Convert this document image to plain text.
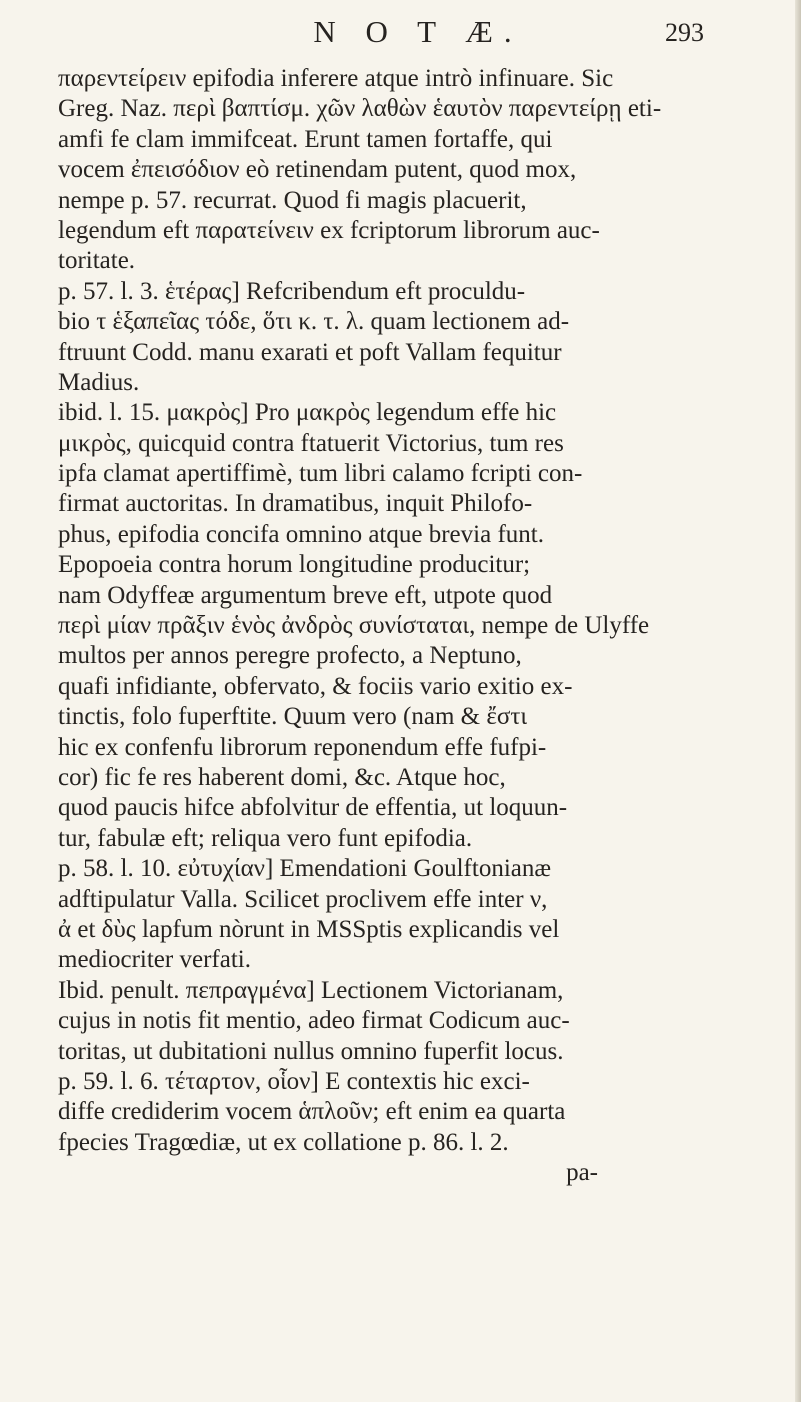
N O T Æ.	293
παρεντείρειν epifodia inferere atque intrò infinuare. Sic
Greg. Naz. περὶ βαπτίσμ. χῶν λαθὼν ἑαυτὸν παρεντείρῃ eti-
amfi fe clam immifceat. Erunt tamen fortaffe, qui
vocem ἐπεισόδιον eò retinendam putent, quod mox,
nempe p. 57. recurrat. Quod fi magis placuerit,
legendum eft παρατείνειν ex fcriptorum librorum auc-
toritate.
p. 57. l. 3. ἑτέρας] Refcribendum eft proculdu-
bio τ ἑξαπεῖας τόδε, ὅτι κ. τ. λ. quam lectionem ad-
ftruunt Codd. manu exarati et poft Vallam fequitur
Madius.
ibid. l. 15. μακρὸς] Pro μακρὸς legendum effe hic
μικρὸς, quicquid contra ftatuerit Victorius, tum res
ipfa clamat apertiffimè, tum libri calamo fcripti con-
firmat auctoritas. In dramatibus, inquit Philofo-
phus, epifodia concifa omnino atque brevia funt.
Epopoeia contra horum longitudine producitur;
nam Odyffeæ argumentum breve eft, utpote quod
περὶ μίαν πρᾶξιν ἑνὸς ἀνδρὸς συνίσταται, nempe de Ulyffe
multos per annos peregre profecto, a Neptuno,
quafi infidiante, obfervato, & fociis vario exitio ex-
tinctis, folo fuperftite. Quum vero (nam & ἔστι
hic ex confenfu librorum reponendum effe fufpi-
cor) fic fe res haberent domi, &c. Atque hoc,
quod paucis hifce abfolvitur de effentia, ut loquun-
tur, fabulæ eft; reliqua vero funt epifodia.
p. 58. l. 10. εὐτυχίαν] Emendationi Goulftonianæ
adftipulatur Valla. Scilicet proclivem effe inter ν,
ἀ et δὺς lapfum nòrunt in MSSptis explicandis vel
mediocriter verfati.
Ibid. penult. πεπραγμένα] Lectionem Victorianam,
cujus in notis fit mentio, adeo firmat Codicum auc-
toritas, ut dubitationi nullus omnino fuperfit locus.
p. 59. l. 6. τέταρτον, οἷον] E contextis hic exci-
diffe crediderim vocem ἁπλοῦν; eft enim ea quarta
fpecies Tragœdiæ, ut ex collatione p. 86. l. 2.
pa-
